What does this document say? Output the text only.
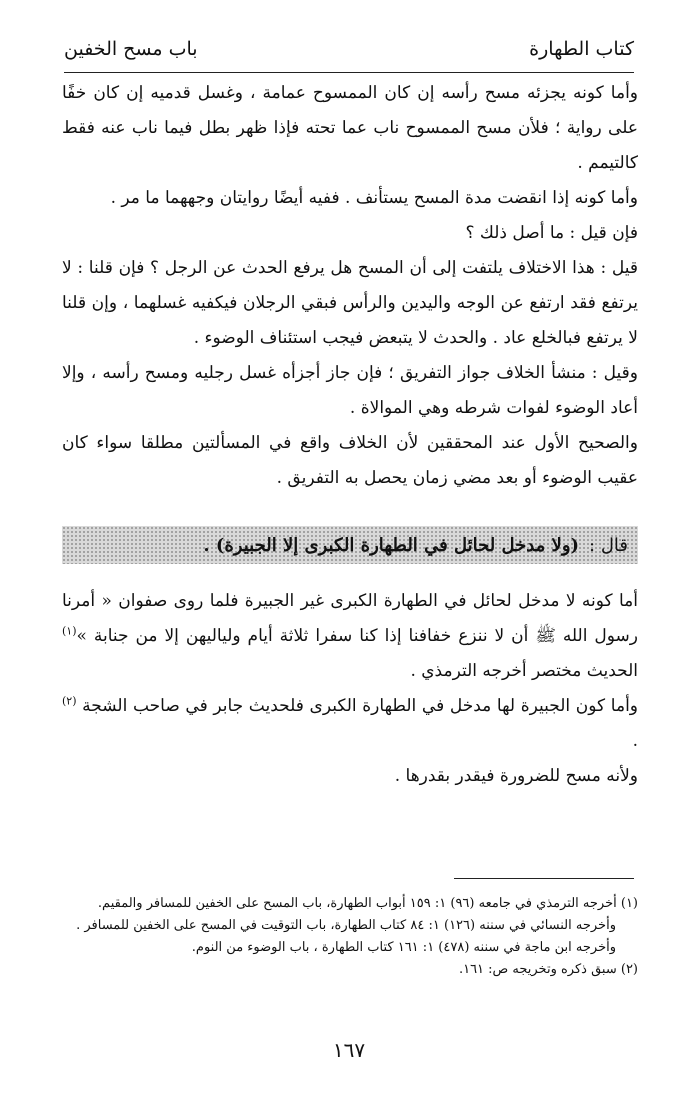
كتاب الطهارة
باب مسح الخفين

وأما كونه يجزئه مسح رأسه إن كان الممسوح عمامة ، وغسل قدميه إن كان خفًا على رواية ؛ فلأن مسح الممسوح ناب عما تحته فإذا ظهر بطل فيما ناب عنه فقط كالتيمم .

وأما كونه إذا انقضت مدة المسح يستأنف . ففيه أيضًا روايتان وجههما ما مر .

فإن قيل : ما أصل ذلك ؟

قيل : هذا الاختلاف يلتفت إلى أن المسح هل يرفع الحدث عن الرجل ؟ فإن قلنا : لا يرتفع فقد ارتفع عن الوجه واليدين والرأس فبقي الرجلان فيكفيه غسلهما ، وإن قلنا لا يرتفع فبالخلع عاد . والحدث لا يتبعض فيجب استئناف الوضوء .

وقيل : منشأ الخلاف جواز التفريق ؛ فإن جاز أجزأه غسل رجليه ومسح رأسه ، وإلا أعاد الوضوء لفوات شرطه وهي الموالاة .

والصحيح الأول عند المحققين لأن الخلاف واقع في المسألتين مطلقا سواء كان عقيب الوضوء أو بعد مضي زمان يحصل به التفريق .

قال :
(ولا مدخل لحائل في الطهارة الكبرى إلا الجبيرة) .

أما كونه لا مدخل لحائل في الطهارة الكبرى غير الجبيرة فلما روى صفوان « أمرنا رسول الله ﷺ أن لا ننزع خفافنا إذا كنا سفرا ثلاثة أيام ولياليهن إلا من جنابة »$^{(١)}$ الحديث مختصر أخرجه الترمذي .

وأما كون الجبيرة لها مدخل في الطهارة الكبرى فلحديث جابر في صاحب الشجة $^{(٢)}$ .

ولأنه مسح للضرورة فيقدر بقدرها .

(١) أخرجه الترمذي في جامعه (٩٦) ١: ١٥٩ أبواب الطهارة، باب المسح على الخفين للمسافر والمقيم.

وأخرجه النسائي في سننه (١٢٦) ١: ٨٤ كتاب الطهارة، باب التوقيت في المسح على الخفين للمسافر .

وأخرجه ابن ماجة في سننه (٤٧٨) ١: ١٦١ كتاب الطهارة ، باب الوضوء من النوم.

(٢) سبق ذكره وتخريجه ص: ١٦١.

١٦٧
